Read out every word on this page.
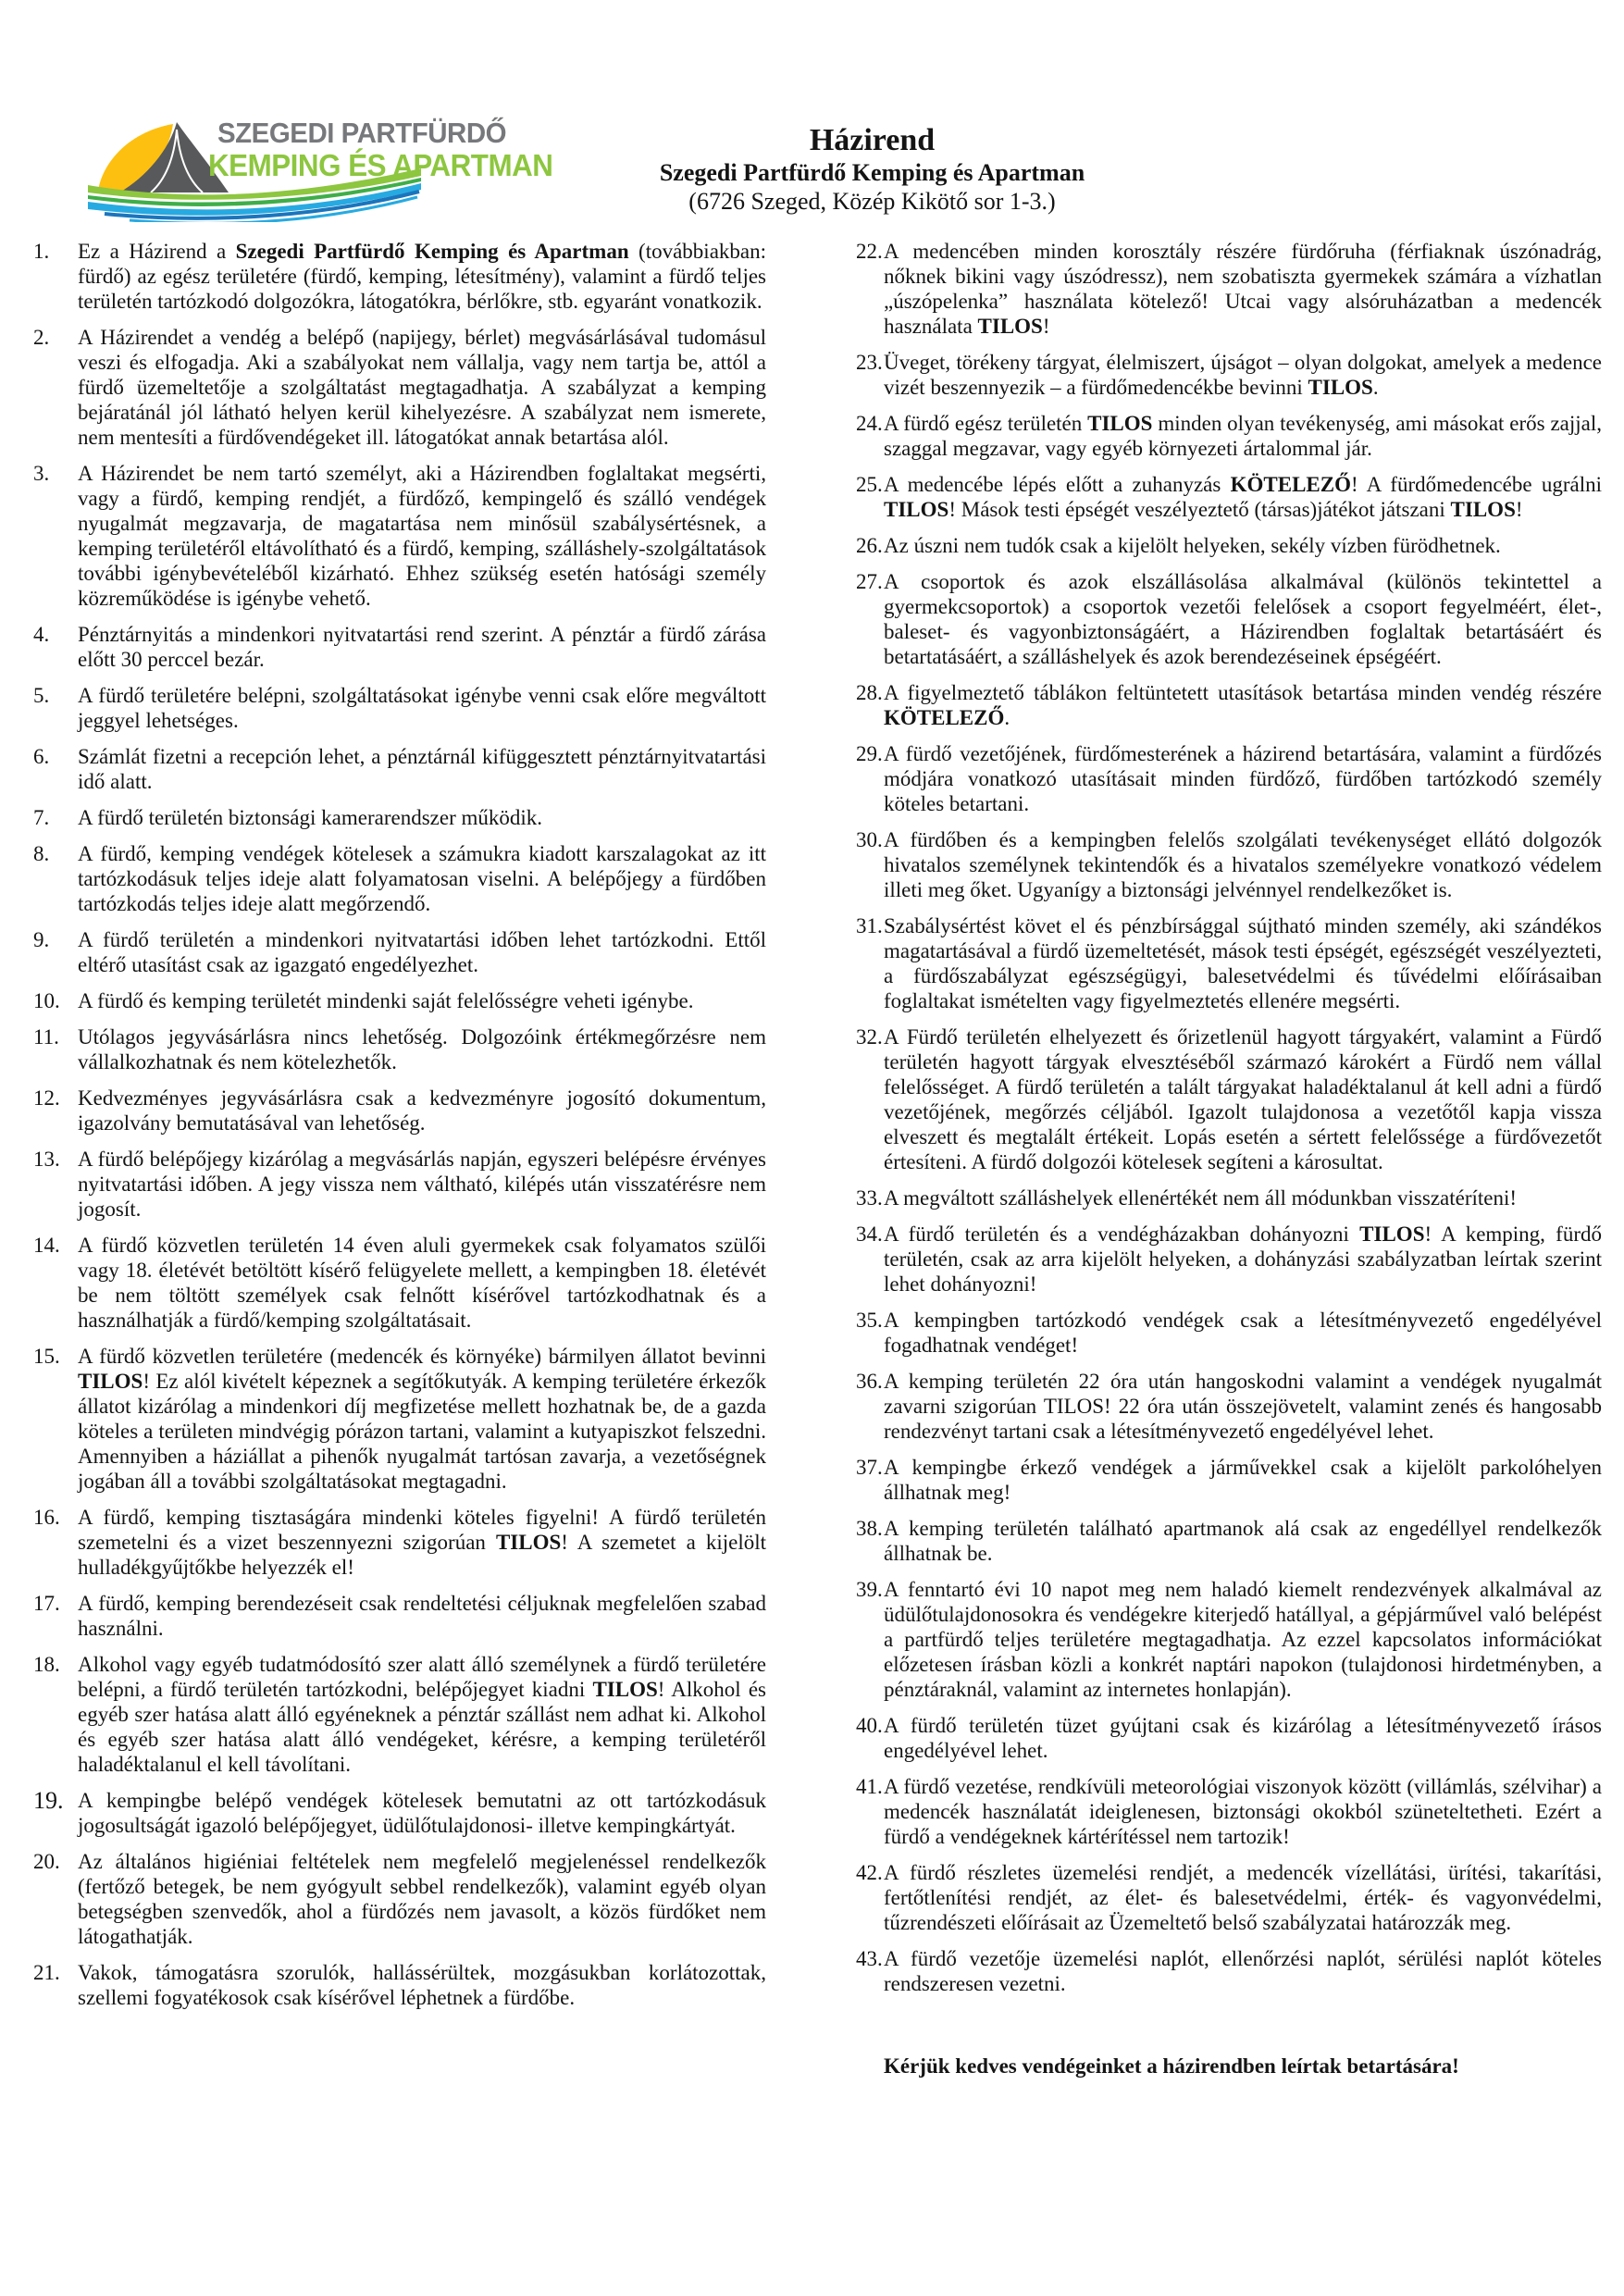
SZEGEDI PARTFÜRDŐ
KEMPING ÉS APARTMAN
Házirend
Szegedi Partfürdő Kemping és Apartman
(6726 Szeged, Közép Kikötő sor 1-3.)
1. Ez a Házirend a Szegedi Partfürdő Kemping és Apartman (továbbiakban: fürdő) az egész területére (fürdő, kemping, létesítmény), valamint a fürdő teljes területén tartózkodó dolgozókra, látogatókra, bérlőkre, stb. egyaránt vonatkozik.
2. A Házirendet a vendég a belépő (napijegy, bérlet) megvásárlásával tudomásul veszi és elfogadja. Aki a szabályokat nem vállalja, vagy nem tartja be, attól a fürdő üzemeltetője a szolgáltatást megtagadhatja. A szabályzat a kemping bejáratánál jól látható helyen kerül kihelyezésre. A szabályzat nem ismerete, nem mentesíti a fürdővendégeket ill. látogatókat annak betartása alól.
3. A Házirendet be nem tartó személyt, aki a Házirendben foglaltakat megsérti, vagy a fürdő, kemping rendjét, a fürdőző, kempingelő és szálló vendégek nyugalmát megzavarja, de magatartása nem minősül szabálysértésnek, a kemping területéről eltávolítható és a fürdő, kemping, szálláshely-szolgáltatások további igénybevételéből kizárható. Ehhez szükség esetén hatósági személy közreműködése is igénybe vehető.
4. Pénztárnyitás a mindenkori nyitvatartási rend szerint. A pénztár a fürdő zárása előtt 30 perccel bezár.
5. A fürdő területére belépni, szolgáltatásokat igénybe venni csak előre megváltott jeggyel lehetséges.
6. Számlát fizetni a recepción lehet, a pénztárnál kifüggesztett pénztárnyitvatartási idő alatt.
7. A fürdő területén biztonsági kamerarendszer működik.
8. A fürdő, kemping vendégek kötelesek a számukra kiadott karszalagokat az itt tartózkodásuk teljes ideje alatt folyamatosan viselni. A belépőjegy a fürdőben tartózkodás teljes ideje alatt megőrzendő.
9. A fürdő területén a mindenkori nyitvatartási időben lehet tartózkodni. Ettől eltérő utasítást csak az igazgató engedélyezhet.
10. A fürdő és kemping területét mindenki saját felelősségre veheti igénybe.
11. Utólagos jegyvásárlásra nincs lehetőség. Dolgozóink értékmegőrzésre nem vállalkozhatnak és nem kötelezhetők.
12. Kedvezményes jegyvásárlásra csak a kedvezményre jogosító dokumentum, igazolvány bemutatásával van lehetőség.
13. A fürdő belépőjegy kizárólag a megvásárlás napján, egyszeri belépésre érvényes nyitvatartási időben. A jegy vissza nem váltható, kilépés után visszatérésre nem jogosít.
14. A fürdő közvetlen területén 14 éven aluli gyermekek csak folyamatos szülői vagy 18. életévét betöltött kísérő felügyelete mellett, a kempingben 18. életévét be nem töltött személyek csak felnőtt kísérővel tartózkodhatnak és a használhatják a fürdő/kemping szolgáltatásait.
15. A fürdő közvetlen területére (medencék és környéke) bármilyen állatot bevinni TILOS! Ez alól kivételt képeznek a segítőkutyák. A kemping területére érkezők állatot kizárólag a mindenkori díj megfizetése mellett hozhatnak be, de a gazda köteles a területen mindvégig pórázon tartani, valamint a kutyapiszkot felszedni. Amennyiben a háziállat a pihenők nyugalmát tartósan zavarja, a vezetőségnek jogában áll a további szolgáltatásokat megtagadni.
16. A fürdő, kemping tisztaságára mindenki köteles figyelni! A fürdő területén szemetelni és a vizet beszennyezni szigorúan TILOS! A szemetet a kijelölt hulladékgyűjtőkbe helyezzék el!
17. A fürdő, kemping berendezéseit csak rendeltetési céljuknak megfelelően szabad használni.
18. Alkohol vagy egyéb tudatmódosító szer alatt álló személynek a fürdő területére belépni, a fürdő területén tartózkodni, belépőjegyet kiadni TILOS! Alkohol és egyéb szer hatása alatt álló egyéneknek a pénztár szállást nem adhat ki. Alkohol és egyéb szer hatása alatt álló vendégeket, kérésre, a kemping területéről haladéktalanul el kell távolítani.
19. A kempingbe belépő vendégek kötelesek bemutatni az ott tartózkodásuk jogosultságát igazoló belépőjegyet, üdülőtulajdonosi- illetve kempingkártyát.
20. Az általános higiéniai feltételek nem megfelelő megjelenéssel rendelkezők (fertőző betegek, be nem gyógyult sebbel rendelkezők), valamint egyéb olyan betegségben szenvedők, ahol a fürdőzés nem javasolt, a közös fürdőket nem látogathatják.
21. Vakok, támogatásra szorulók, hallássérültek, mozgásukban korlátozottak, szellemi fogyatékosok csak kísérővel léphetnek a fürdőbe.
22. A medencében minden korosztály részére fürdőruha (férfiaknak úszónadrág, nőknek bikini vagy úszódressz), nem szobatiszta gyermekek számára a vízhatlan „úszópelenka” használata kötelező! Utcai vagy alsóruházatban a medencék használata TILOS!
23. Üveget, törékeny tárgyat, élelmiszert, újságot – olyan dolgokat, amelyek a medence vizét beszennyezik – a fürdőmedencékbe bevinni TILOS.
24. A fürdő egész területén TILOS minden olyan tevékenység, ami másokat erős zajjal, szaggal megzavar, vagy egyéb környezeti ártalommal jár.
25. A medencébe lépés előtt a zuhanyzás KÖTELEZŐ! A fürdőmedencébe ugrálni TILOS! Mások testi épségét veszélyeztető (társas)játékot játszani TILOS!
26. Az úszni nem tudók csak a kijelölt helyeken, sekély vízben fürödhetnek.
27. A csoportok és azok elszállásolása alkalmával (különös tekintettel a gyermekcsoportok) a csoportok vezetői felelősek a csoport fegyelméért, élet-, baleset- és vagyonbiztonságáért, a Házirendben foglaltak betartásáért és betartatásáért, a szálláshelyek és azok berendezéseinek épségéért.
28. A figyelmeztető táblákon feltüntetett utasítások betartása minden vendég részére KÖTELEZŐ.
29. A fürdő vezetőjének, fürdőmesterének a házirend betartására, valamint a fürdőzés módjára vonatkozó utasításait minden fürdőző, fürdőben tartózkodó személy köteles betartani.
30. A fürdőben és a kempingben felelős szolgálati tevékenységet ellátó dolgozók hivatalos személynek tekintendők és a hivatalos személyekre vonatkozó védelem illeti meg őket. Ugyanígy a biztonsági jelvénnyel rendelkezőket is.
31. Szabálysértést követ el és pénzbírsággal sújtható minden személy, aki szándékos magatartásával a fürdő üzemeltetését, mások testi épségét, egészségét veszélyezteti, a fürdőszabályzat egészségügyi, balesetvédelmi és tűvédelmi előírásaiban foglaltakat ismételten vagy figyelmeztetés ellenére megsérti.
32. A Fürdő területén elhelyezett és őrizetlenül hagyott tárgyakért, valamint a Fürdő területén hagyott tárgyak elvesztéséből származó károkért a Fürdő nem vállal felelősséget. A fürdő területén a talált tárgyakat haladéktalanul át kell adni a fürdő vezetőjének, megőrzés céljából. Igazolt tulajdonosa a vezetőtől kapja vissza elveszett és megtalált értékeit. Lopás esetén a sértett felelőssége a fürdővezetőt értesíteni. A fürdő dolgozói kötelesek segíteni a károsultat.
33. A megváltott szálláshelyek ellenértékét nem áll módunkban visszatéríteni!
34. A fürdő területén és a vendégházakban dohányozni TILOS! A kemping, fürdő területén, csak az arra kijelölt helyeken, a dohányzási szabályzatban leírtak szerint lehet dohányozni!
35. A kempingben tartózkodó vendégek csak a létesítményvezető engedélyével fogadhatnak vendéget!
36. A kemping területén 22 óra után hangoskodni valamint a vendégek nyugalmát zavarni szigorúan TILOS! 22 óra után összejövetelt, valamint zenés és hangosabb rendezvényt tartani csak a létesítményvezető engedélyével lehet.
37. A kempingbe érkező vendégek a járművekkel csak a kijelölt parkolóhelyen állhatnak meg!
38. A kemping területén található apartmanok alá csak az engedéllyel rendelkezők állhatnak be.
39. A fenntartó évi 10 napot meg nem haladó kiemelt rendezvények alkalmával az üdülőtulajdonosokra és vendégekre kiterjedő hatállyal, a gépjárművel való belépést a partfürdő teljes területére megtagadhatja. Az ezzel kapcsolatos információkat előzetesen írásban közli a konkrét naptári napokon (tulajdonosi hirdetményben, a pénztáraknál, valamint az internetes honlapján).
40. A fürdő területén tüzet gyújtani csak és kizárólag a létesítményvezető írásos engedélyével lehet.
41. A fürdő vezetése, rendkívüli meteorológiai viszonyok között (villámlás, szélvihar) a medencék használatát ideiglenesen, biztonsági okokból szüneteltetheti. Ezért a fürdő a vendégeknek kártérítéssel nem tartozik!
42. A fürdő részletes üzemelési rendjét, a medencék vízellátási, ürítési, takarítási, fertőtlenítési rendjét, az élet- és balesetvédelmi, érték- és vagyonvédelmi, tűzrendészeti előírásait az Üzemeltető belső szabályzatai határozzák meg.
43. A fürdő vezetője üzemelési naplót, ellenőrzési naplót, sérülési naplót köteles rendszeresen vezetni.
Kérjük kedves vendégeinket a házirendben leírtak betartására!
